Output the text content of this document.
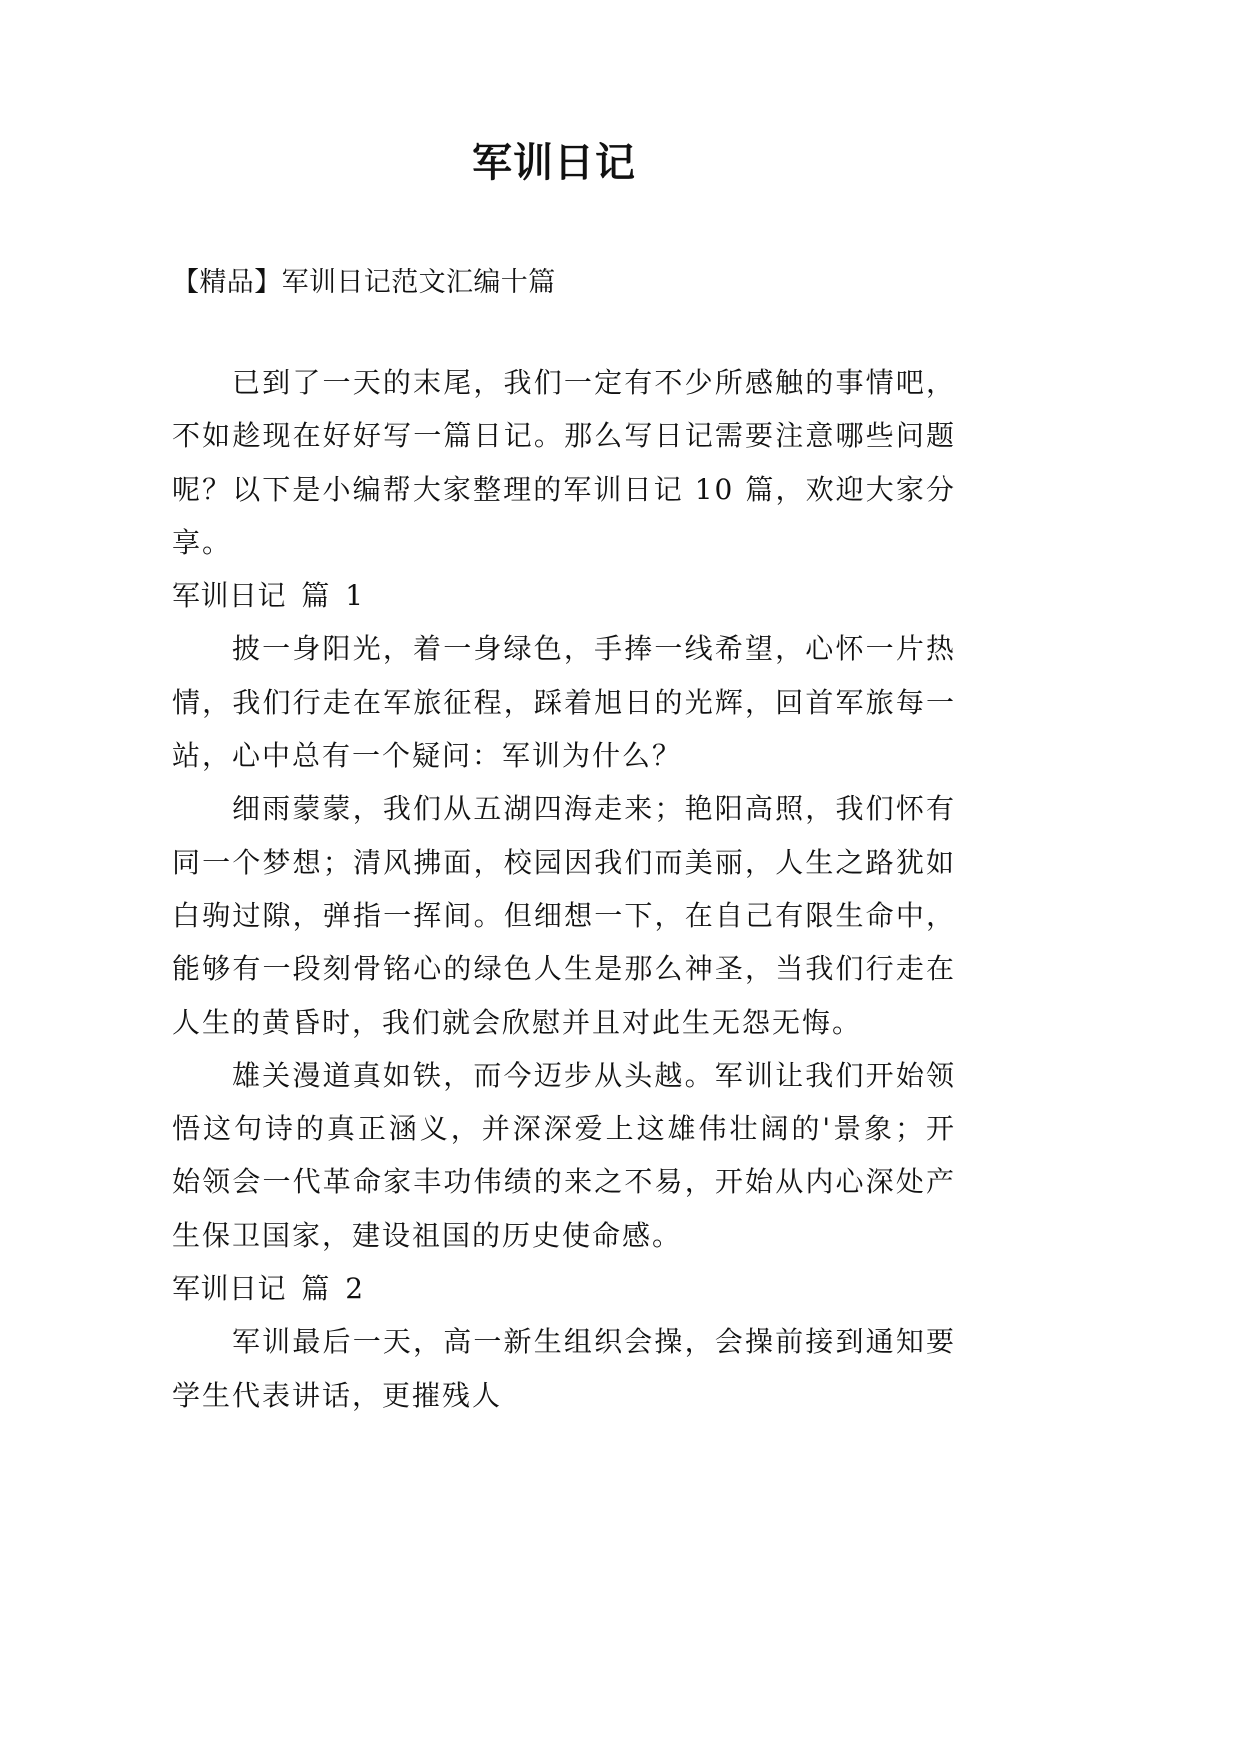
军训日记
【精品】军训日记范文汇编十篇
已到了一天的末尾，我们一定有不少所感触的事情吧，
不如趁现在好好写一篇日记。那么写日记需要注意哪些问题
呢？以下是小编帮大家整理的军训日记 10 篇，欢迎大家分
享。
军训日记 篇 1
披一身阳光，着一身绿色，手捧一线希望，心怀一片热
情，我们行走在军旅征程，踩着旭日的光辉，回首军旅每一
站，心中总有一个疑问：军训为什么？
细雨蒙蒙，我们从五湖四海走来；艳阳高照，我们怀有
同一个梦想；清风拂面，校园因我们而美丽，人生之路犹如
白驹过隙，弹指一挥间。但细想一下，在自己有限生命中，
能够有一段刻骨铭心的绿色人生是那么神圣，当我们行走在
人生的黄昏时，我们就会欣慰并且对此生无怨无悔。
雄关漫道真如铁，而今迈步从头越。军训让我们开始领
悟这句诗的真正涵义，并深深爱上这雄伟壮阔的'景象；开
始领会一代革命家丰功伟绩的来之不易，开始从内心深处产
生保卫国家，建设祖国的历史使命感。
军训日记 篇 2
军训最后一天，高一新生组织会操，会操前接到通知要
学生代表讲话，更摧残人
